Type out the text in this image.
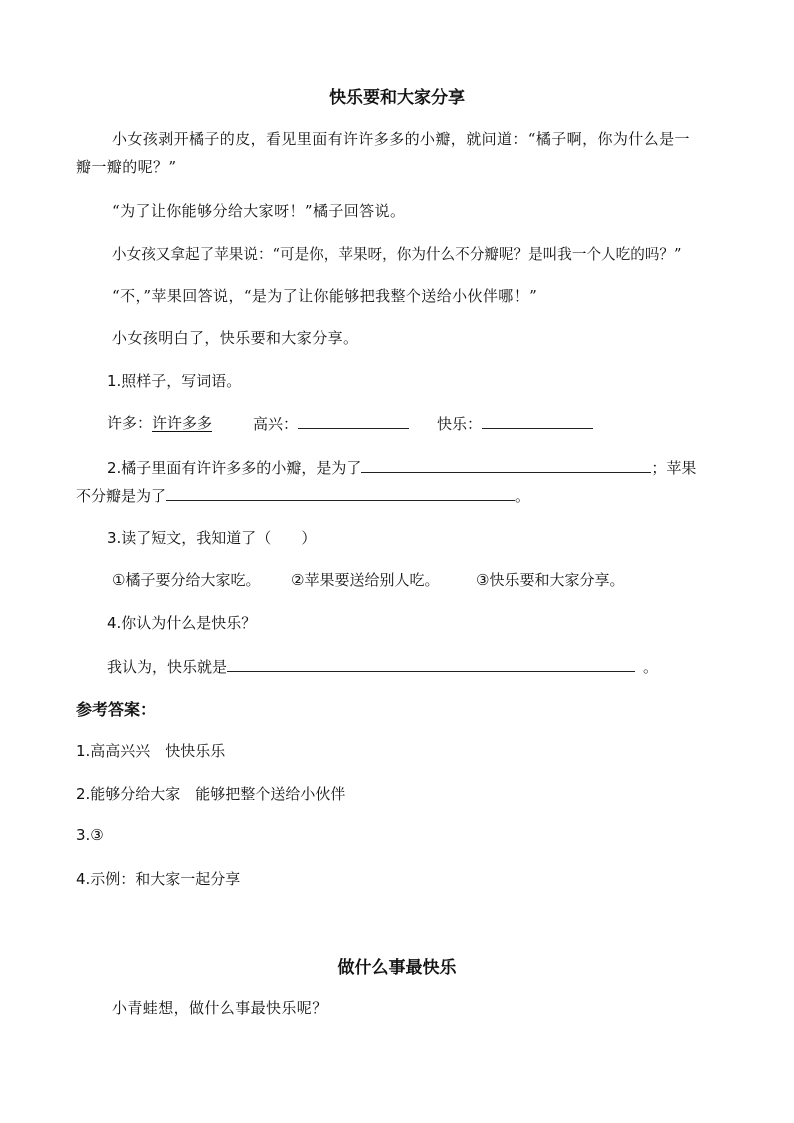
快乐要和大家分享
小女孩剥开橘子的皮，看见里面有许许多多的小瓣，就问道：“橘子啊，你为什么是一
瓣一瓣的呢？”
“为了让你能够分给大家呀！”橘子回答说。
小女孩又拿起了苹果说：“可是你，苹果呀，你为什么不分瓣呢？是叫我一个人吃的吗？”
“不，”苹果回答说，“是为了让你能够把我整个送给小伙伴哪！”
小女孩明白了，快乐要和大家分享。
1.照样子，写词语。
许多：许许多多	高兴：	快乐：
2.橘子里面有许许多多的小瓣，是为了	；苹果
不分瓣是为了	。
3.读了短文，我知道了（　　）
①橘子要分给大家吃。 ②苹果要送给别人吃。 ③快乐要和大家分享。
4.你认为什么是快乐？
我认为，快乐就是	。
参考答案：
1.高高兴兴　快快乐乐
2.能够分给大家　能够把整个送给小伙伴
3.③
4.示例：和大家一起分享
做什么事最快乐
小青蛙想，做什么事最快乐呢？
